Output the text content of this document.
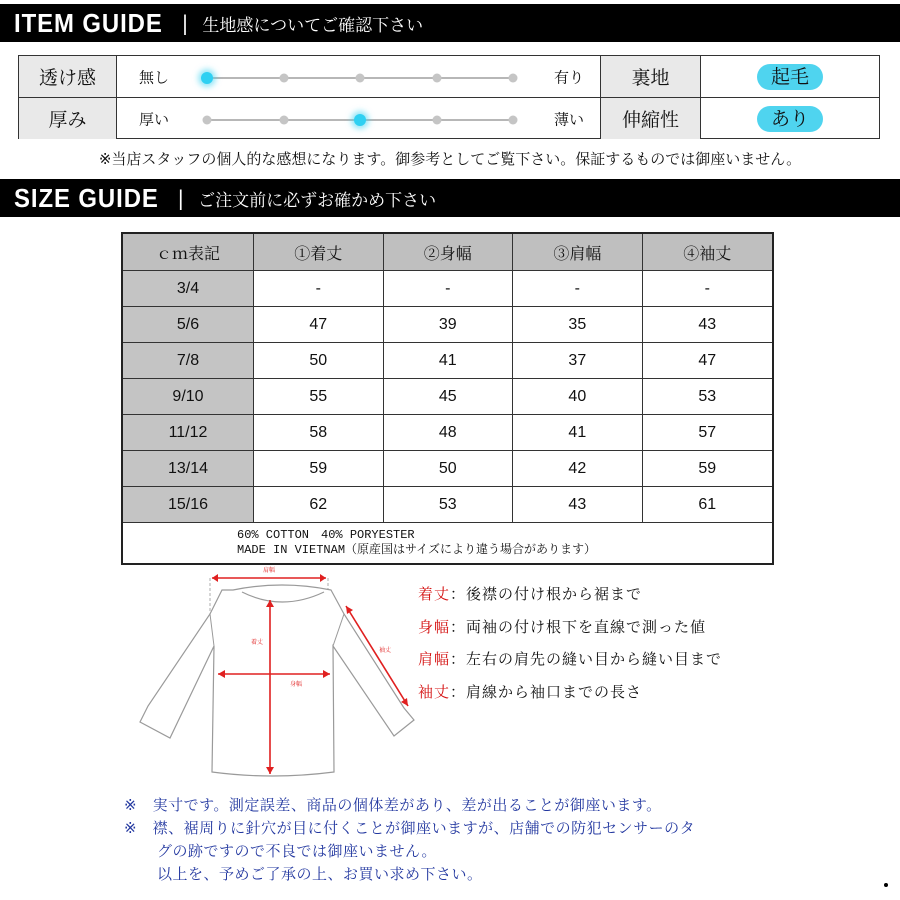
ITEM GUIDE | 生地感についてご確認下さい
透け感	無し	有り	裏地	起毛
厚み	厚い	薄い	伸縮性	あり
※当店スタッフの個人的な感想になります。御参考としてご覧下さい。保証するものでは御座いません。
SIZE GUIDE | ご注文前に必ずお確かめ下さい
ｃｍ表記	①着丈	②身幅	③肩幅	④袖丈
3/4	-	-	-	-
5/6	47	39	35	43
7/8	50	41	37	47
9/10	55	45	40	53
11/12	58	48	41	57
13/14	59	50	42	59
15/16	62	53	43	61

60% COTTON　40% PORYESTER
MADE IN VIETNAM（原産国はサイズにより違う場合があります）				
肩幅
着丈
身幅
袖丈
着丈：後襟の付け根から裾まで
身幅：両袖の付け根下を直線で測った値
肩幅：左右の肩先の縫い目から縫い目まで
袖丈：肩線から袖口までの長さ
※　実寸です。測定誤差、商品の個体差があり、差が出ることが御座います。
※　襟、裾周りに針穴が目に付くことが御座いますが、店舗での防犯センサーのタ
グの跡ですので不良では御座いません。
以上を、予めご了承の上、お買い求め下さい。
